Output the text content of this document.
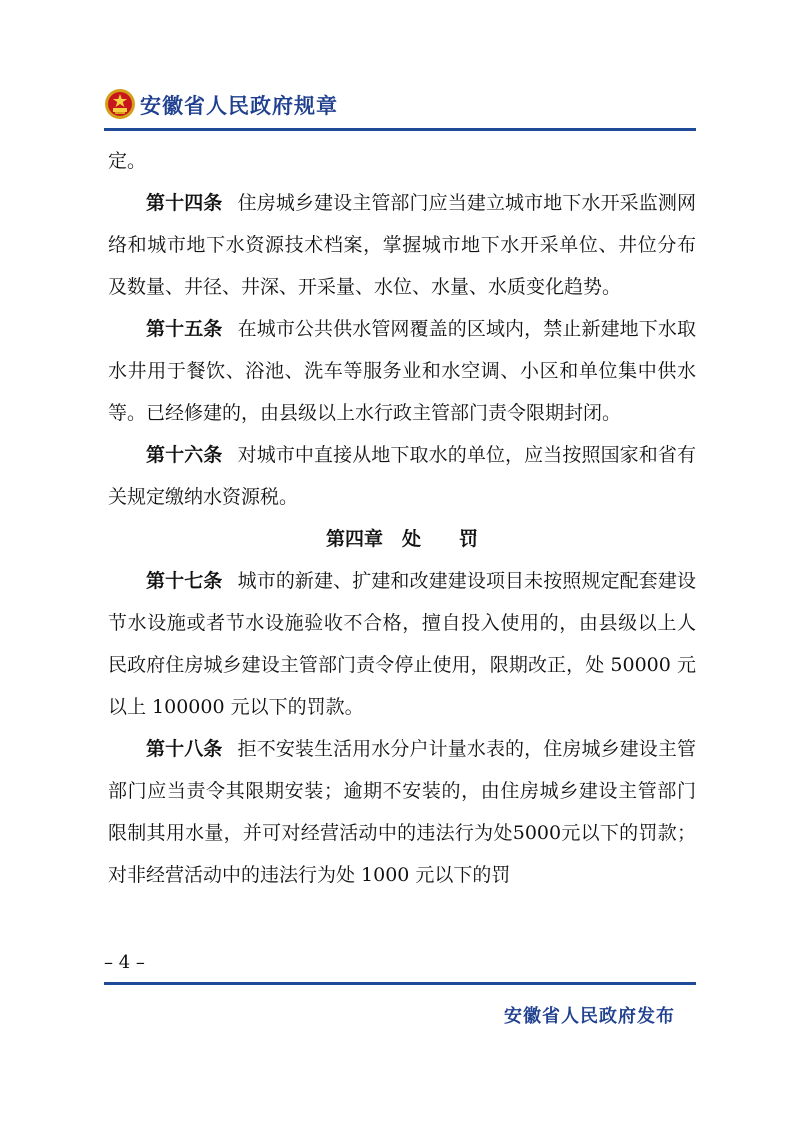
安徽省人民政府规章

定。

第十四条 住房城乡建设主管部门应当建立城市地下水开采监测网络和城市地下水资源技术档案，掌握城市地下水开采单位、井位分布及数量、井径、井深、开采量、水位、水量、水质变化趋势。

第十五条 在城市公共供水管网覆盖的区域内，禁止新建地下水取水井用于餐饮、浴池、洗车等服务业和水空调、小区和单位集中供水等。已经修建的，由县级以上水行政主管部门责令限期封闭。

第十六条 对城市中直接从地下取水的单位，应当按照国家和省有关规定缴纳水资源税。

第四章　处　　罚

第十七条 城市的新建、扩建和改建建设项目未按照规定配套建设节水设施或者节水设施验收不合格，擅自投入使用的，由县级以上人民政府住房城乡建设主管部门责令停止使用，限期改正，处 50000 元以上 100000 元以下的罚款。

第十八条 拒不安装生活用水分户计量水表的，住房城乡建设主管部门应当责令其限期安装；逾期不安装的，由住房城乡建设主管部门限制其用水量，并可对经营活动中的违法行为处5000元以下的罚款；对非经营活动中的违法行为处 1000 元以下的罚

– 4 –
安徽省人民政府发布
